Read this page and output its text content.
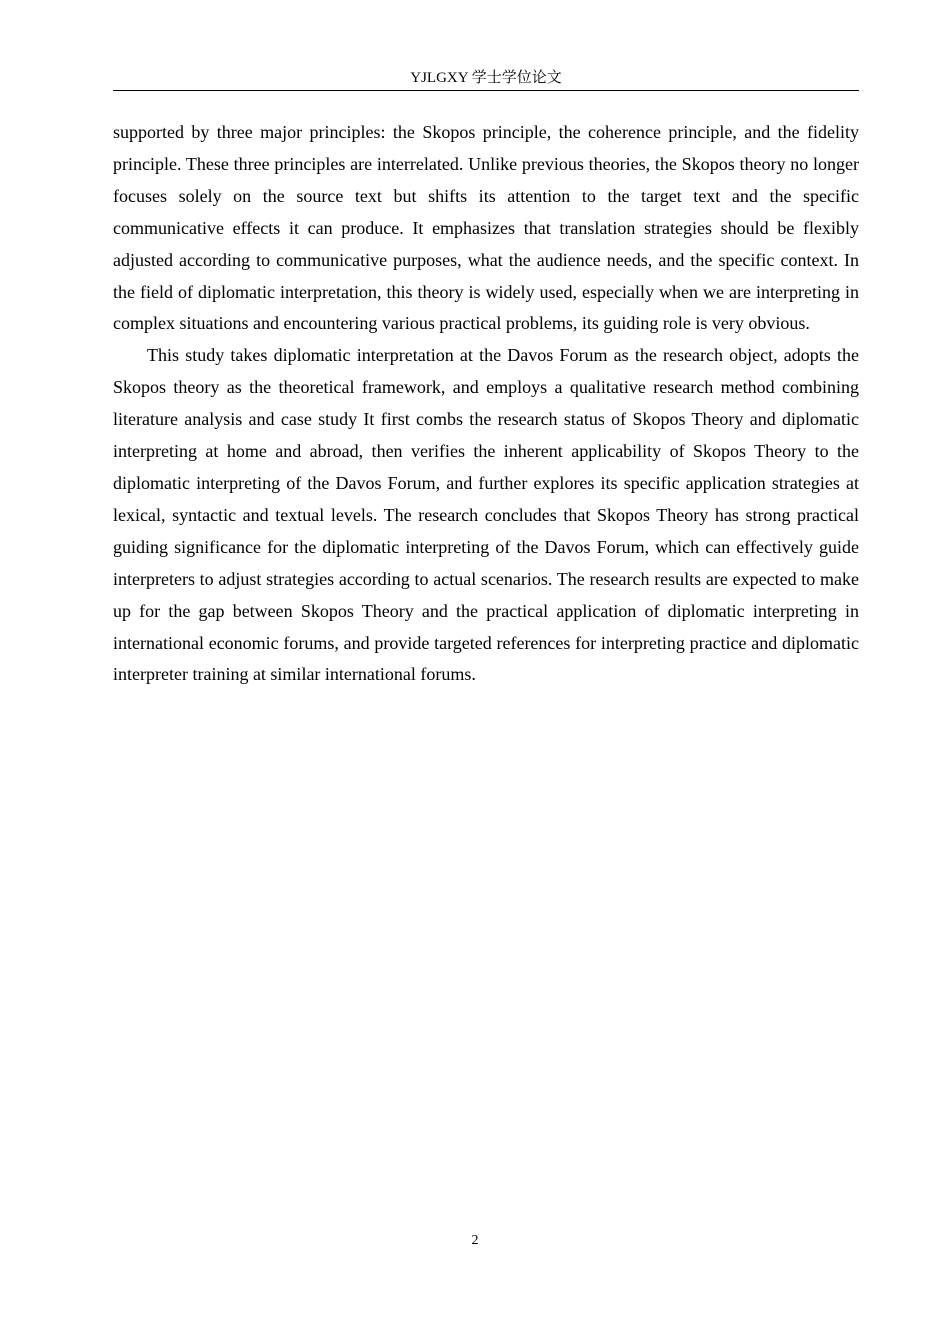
YJLGXY 学士学位论文

supported by three major principles: the Skopos principle, the coherence principle, and the fidelity principle. These three principles are interrelated. Unlike previous theories, the Skopos theory no longer focuses solely on the source text but shifts its attention to the target text and the specific communicative effects it can produce. It emphasizes that translation strategies should be flexibly adjusted according to communicative purposes, what the audience needs, and the specific context. In the field of diplomatic interpretation, this theory is widely used, especially when we are interpreting in complex situations and encountering various practical problems, its guiding role is very obvious.

This study takes diplomatic interpretation at the Davos Forum as the research object, adopts the Skopos theory as the theoretical framework, and employs a qualitative research method combining literature analysis and case study It first combs the research status of Skopos Theory and diplomatic interpreting at home and abroad, then verifies the inherent applicability of Skopos Theory to the diplomatic interpreting of the Davos Forum, and further explores its specific application strategies at lexical, syntactic and textual levels. The research concludes that Skopos Theory has strong practical guiding significance for the diplomatic interpreting of the Davos Forum, which can effectively guide interpreters to adjust strategies according to actual scenarios. The research results are expected to make up for the gap between Skopos Theory and the practical application of diplomatic interpreting in international economic forums, and provide targeted references for interpreting practice and diplomatic interpreter training at similar international forums.

2
